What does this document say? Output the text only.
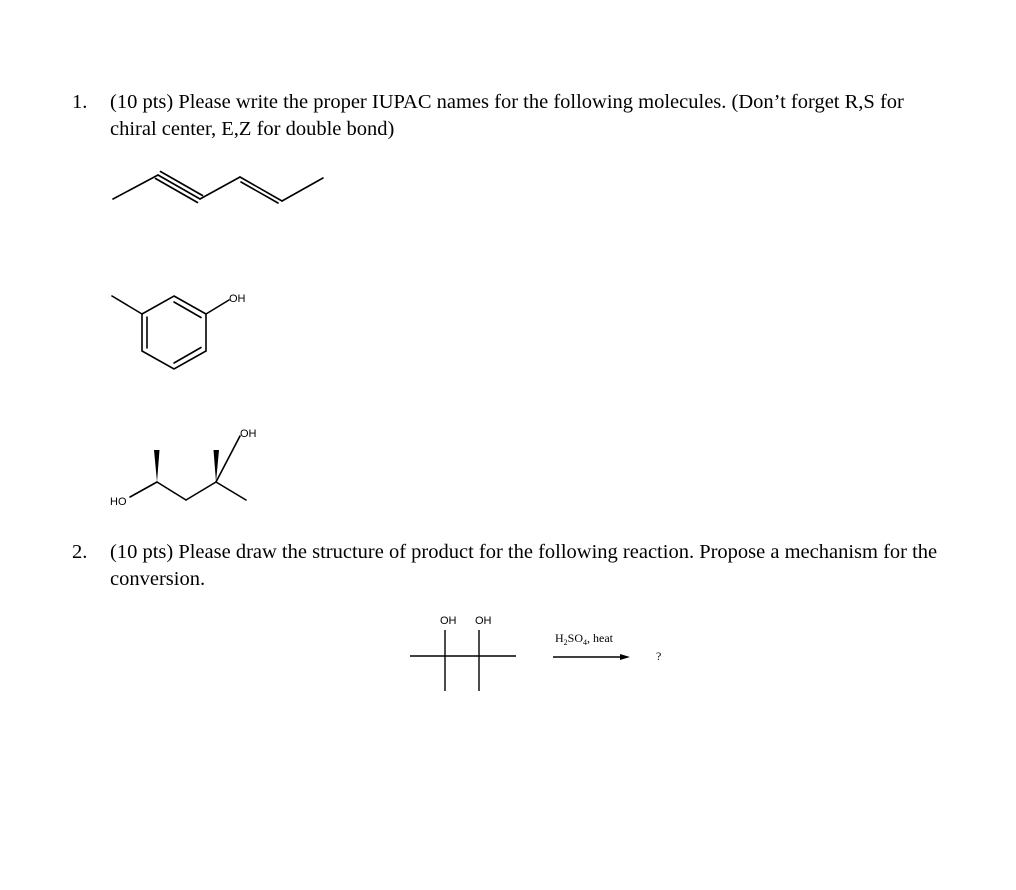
1. (10 pts) Please write the proper IUPAC names for the following molecules. (Don’t forget R,S for chiral center, E,Z for double bond)
OH
OH
HO
2. (10 pts) Please draw the structure of product for the following reaction. Propose a mechanism for the conversion.
OH OH
$H_2SO_4$, heat
?
